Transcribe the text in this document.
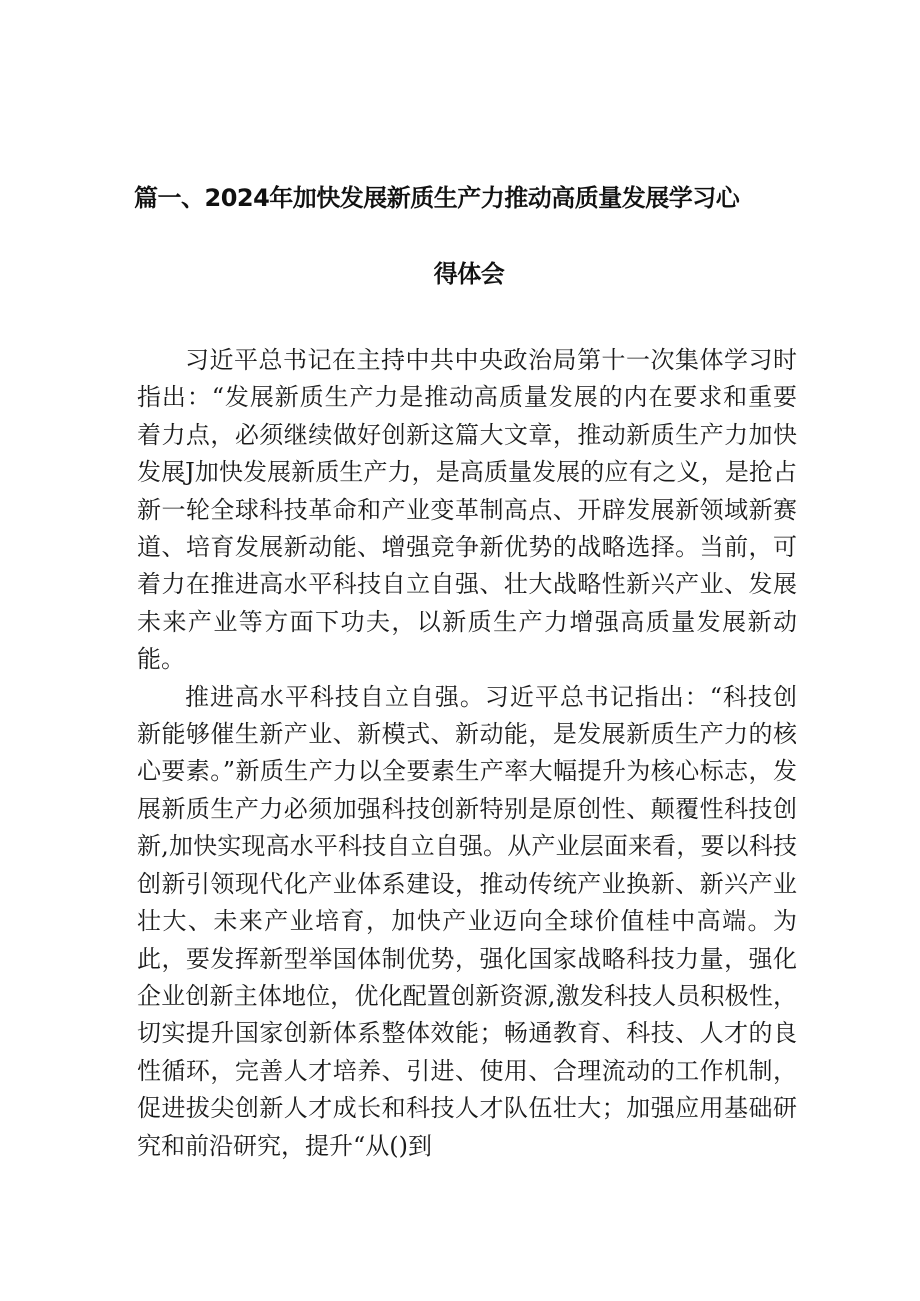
篇一、2024年加快发展新质生产力推动高质量发展学习心
得体会

习近平总书记在主持中共中央政治局第十一次集体学习时指出：“发展新质生产力是推动高质量发展的内在要求和重要着力点，必须继续做好创新这篇大文章，推动新质生产力加快发展J加快发展新质生产力，是高质量发展的应有之义，是抢占新一轮全球科技革命和产业变革制高点、开辟发展新领域新赛道、培育发展新动能、增强竞争新优势的战略选择。当前，可着力在推进高水平科技自立自强、壮大战略性新兴产业、发展未来产业等方面下功夫，以新质生产力增强高质量发展新动能。

推进高水平科技自立自强。习近平总书记指出：“科技创新能够催生新产业、新模式、新动能，是发展新质生产力的核心要素。”新质生产力以全要素生产率大幅提升为核心标志，发展新质生产力必须加强科技创新特别是原创性、颠覆性科技创新,加快实现高水平科技自立自强。从产业层面来看，要以科技创新引领现代化产业体系建设，推动传统产业换新、新兴产业壮大、未来产业培育，加快产业迈向全球价值桂中高端。为此，要发挥新型举国体制优势，强化国家战略科技力量，强化企业创新主体地位，优化配置创新资源,激发科技人员积极性，切实提升国家创新体系整体效能；畅通教育、科技、人才的良性循环，完善人才培养、引进、使用、合理流动的工作机制，促进拔尖创新人才成长和科技人才队伍壮大；加强应用基础研究和前沿研究，提升“从()到
